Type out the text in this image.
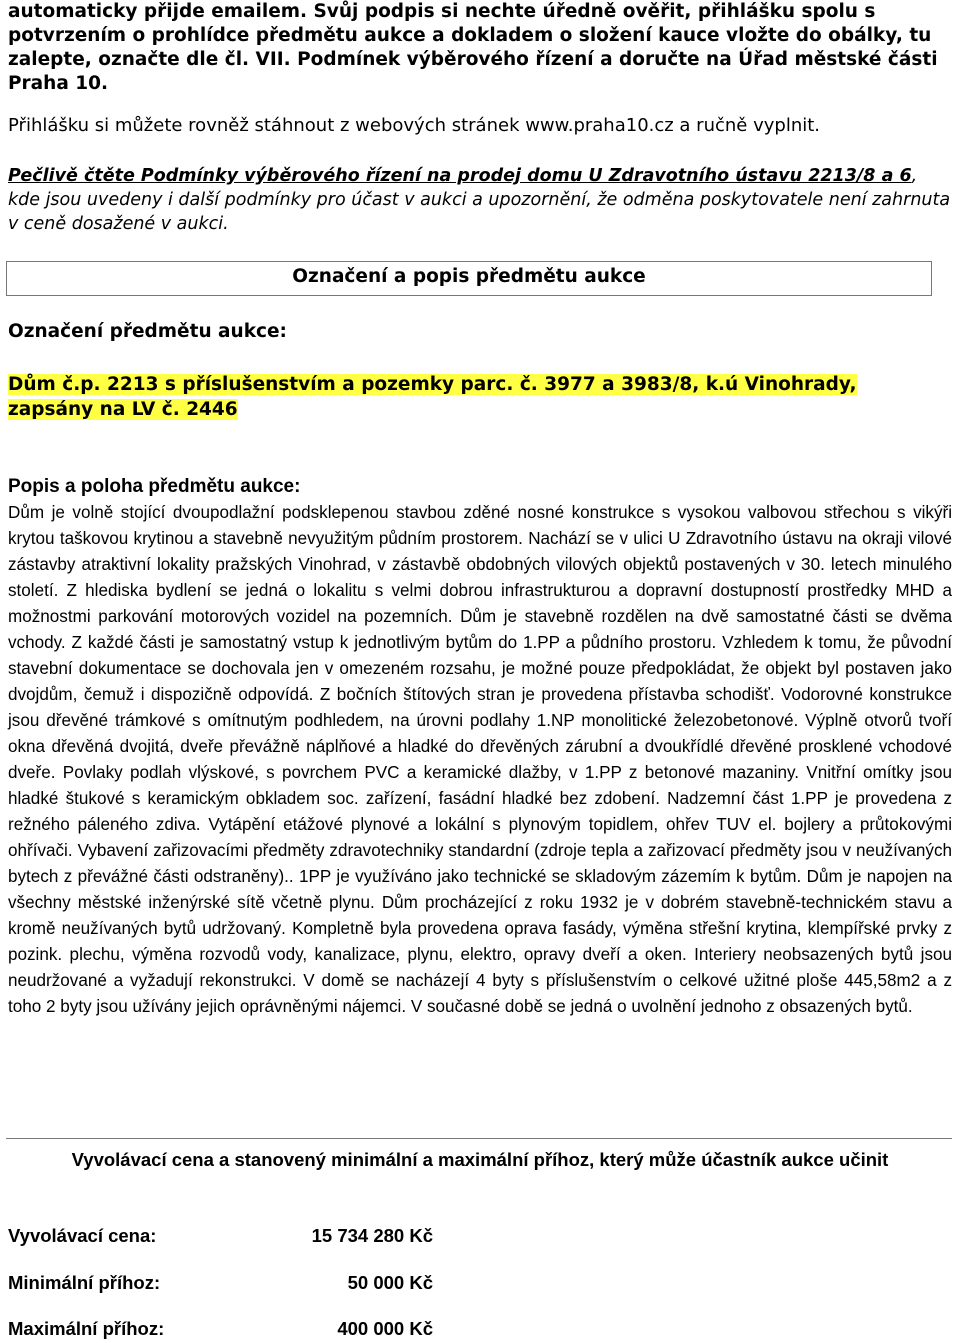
automaticky přijde emailem. Svůj podpis si nechte úředně ověřit, přihlášku spolu s potvrzením o prohlídce předmětu aukce a dokladem o složení kauce vložte do obálky, tu zalepte, označte dle čl. VII. Podmínek výběrového řízení a doručte na Úřad městské části Praha 10.
Přihlášku si můžete rovněž stáhnout z webových stránek www.praha10.cz a ručně vyplnit.
Pečlivě čtěte Podmínky výběrového řízení na prodej domu U Zdravotního ústavu 2213/8 a 6, kde jsou uvedeny i další podmínky pro účast v aukci a upozornění, že odměna poskytovatele není zahrnuta v ceně dosažené v aukci.
Označení a popis předmětu aukce
Označení předmětu aukce:
Dům č.p. 2213 s příslušenstvím a pozemky parc. č. 3977 a 3983/8, k.ú Vinohrady, zapsány na LV č. 2446
Popis a poloha předmětu aukce:
Dům je volně stojící dvoupodlažní podsklepenou stavbou zděné nosné konstrukce s vysokou valbovou střechou s vikýři krytou taškovou krytinou a stavebně nevyužitým půdním prostorem. Nachází se v ulici U Zdravotního ústavu na okraji vilové zástavby atraktivní lokality pražských Vinohrad, v zástavbě obdobných vilových objektů postavených v 30. letech minulého století. Z hlediska bydlení se jedná o lokalitu s velmi dobrou infrastrukturou a dopravní dostupností prostředky MHD a možnostmi parkování motorových vozidel na pozemních. Dům je stavebně rozdělen na dvě samostatné části se dvěma vchody. Z každé části je samostatný vstup k jednotlivým bytům do 1.PP a půdního prostoru. Vzhledem k tomu, že původní stavební dokumentace se dochovala jen v omezeném rozsahu, je možné pouze předpokládat, že objekt byl postaven jako dvojdům, čemuž i dispozičně odpovídá. Z bočních štítových stran je provedena přístavba schodišť. Vodorovné konstrukce jsou dřevěné trámkové s omítnutým podhledem, na úrovni podlahy 1.NP monolitické železobetonové. Výplně otvorů tvoří okna dřevěná dvojitá, dveře převážně náplňové a hladké do dřevěných zárubní a dvoukřídlé dřevěné prosklené vchodové dveře. Povlaky podlah vlýskové, s povrchem PVC a keramické dlažby, v 1.PP z betonové mazaniny. Vnitřní omítky jsou hladké štukové s keramickým obkladem soc. zařízení, fasádní hladké bez zdobení. Nadzemní část 1.PP je provedena z režného páleného zdiva. Vytápění etážové plynové a lokální s plynovým topidlem, ohřev TUV el. bojlery a průtokovými ohřívači. Vybavení zařizovacími předměty zdravotechniky standardní (zdroje tepla a zařizovací předměty jsou v neužívaných bytech z převážné části odstraněny).. 1PP je využíváno jako technické se skladovým zázemím k bytům. Dům je napojen na všechny městské inženýrské sítě včetně plynu. Dům procházející z roku 1932 je v dobrém stavebně-technickém stavu a kromě neužívaných bytů udržovaný. Kompletně byla provedena oprava fasády, výměna střešní krytina, klempířské prvky z pozink. plechu, výměna rozvodů vody, kanalizace, plynu, elektro, opravy dveří a oken. Interiery neobsazených bytů jsou neudržované a vyžadují rekonstrukci. V domě se nacházejí 4 byty s příslušenstvím o celkové užitné ploše 445,58m2 a z toho 2 byty jsou užívány jejich oprávněnými nájemci. V současné době se jedná o uvolnění jednoho z obsazených bytů.
Vyvolávací cena a stanovený minimální a maximální příhoz, který může účastník aukce učinit
Vyvolávací cena:	15 734 280 Kč
Minimální příhoz:	50 000 Kč
Maximální příhoz:	400 000 Kč
